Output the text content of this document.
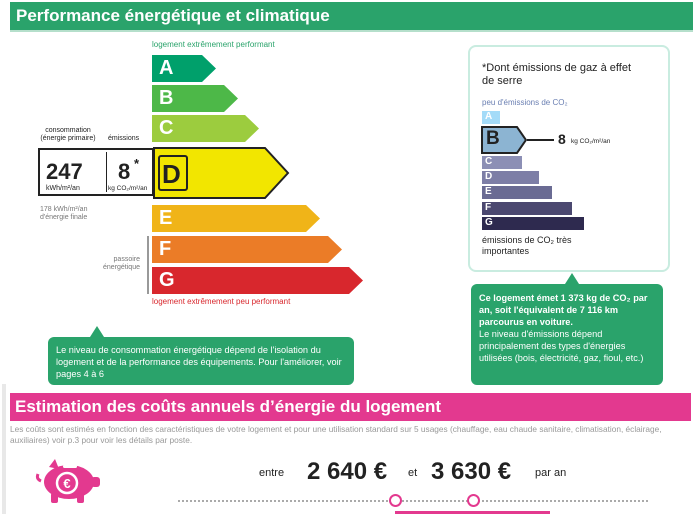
Performance énergétique et climatique
logement extrêmement performant
A
B
C
D
E
F
G
logement extrêmement peu performant
passoire énergétique
consommation (énergie primaire)	émissions
247
kWh/m²/an
8 *
kg CO₂/m²/an
178 kWh/m²/an
d'énergie finale
*Dont émissions de gaz à effet de serre
peu d'émissions de CO₂
A
B	8 kg CO₂/m²/an
C
D
E
F
G
émissions de CO₂ très importantes
Le niveau de consommation énergétique dépend de l'isolation du logement et de la performance des équipements. Pour l'améliorer, voir pages 4 à 6
Ce logement émet 1 373 kg de CO₂ par an, soit l'équivalent de 7 116 km parcourus en voiture.
Le niveau d'émissions dépend principalement des types d'énergies utilisées (bois, électricité, gaz, fioul, etc.)
Estimation des coûts annuels d’énergie du logement
Les coûts sont estimés en fonction des caractéristiques de votre logement et pour une utilisation standard sur 5 usages (chauffage, eau chaude sanitaire, climatisation, éclairage, auxiliaires) voir p.3 pour voir les détails par poste.
€
entre 2 640 € et 3 630 € par an
